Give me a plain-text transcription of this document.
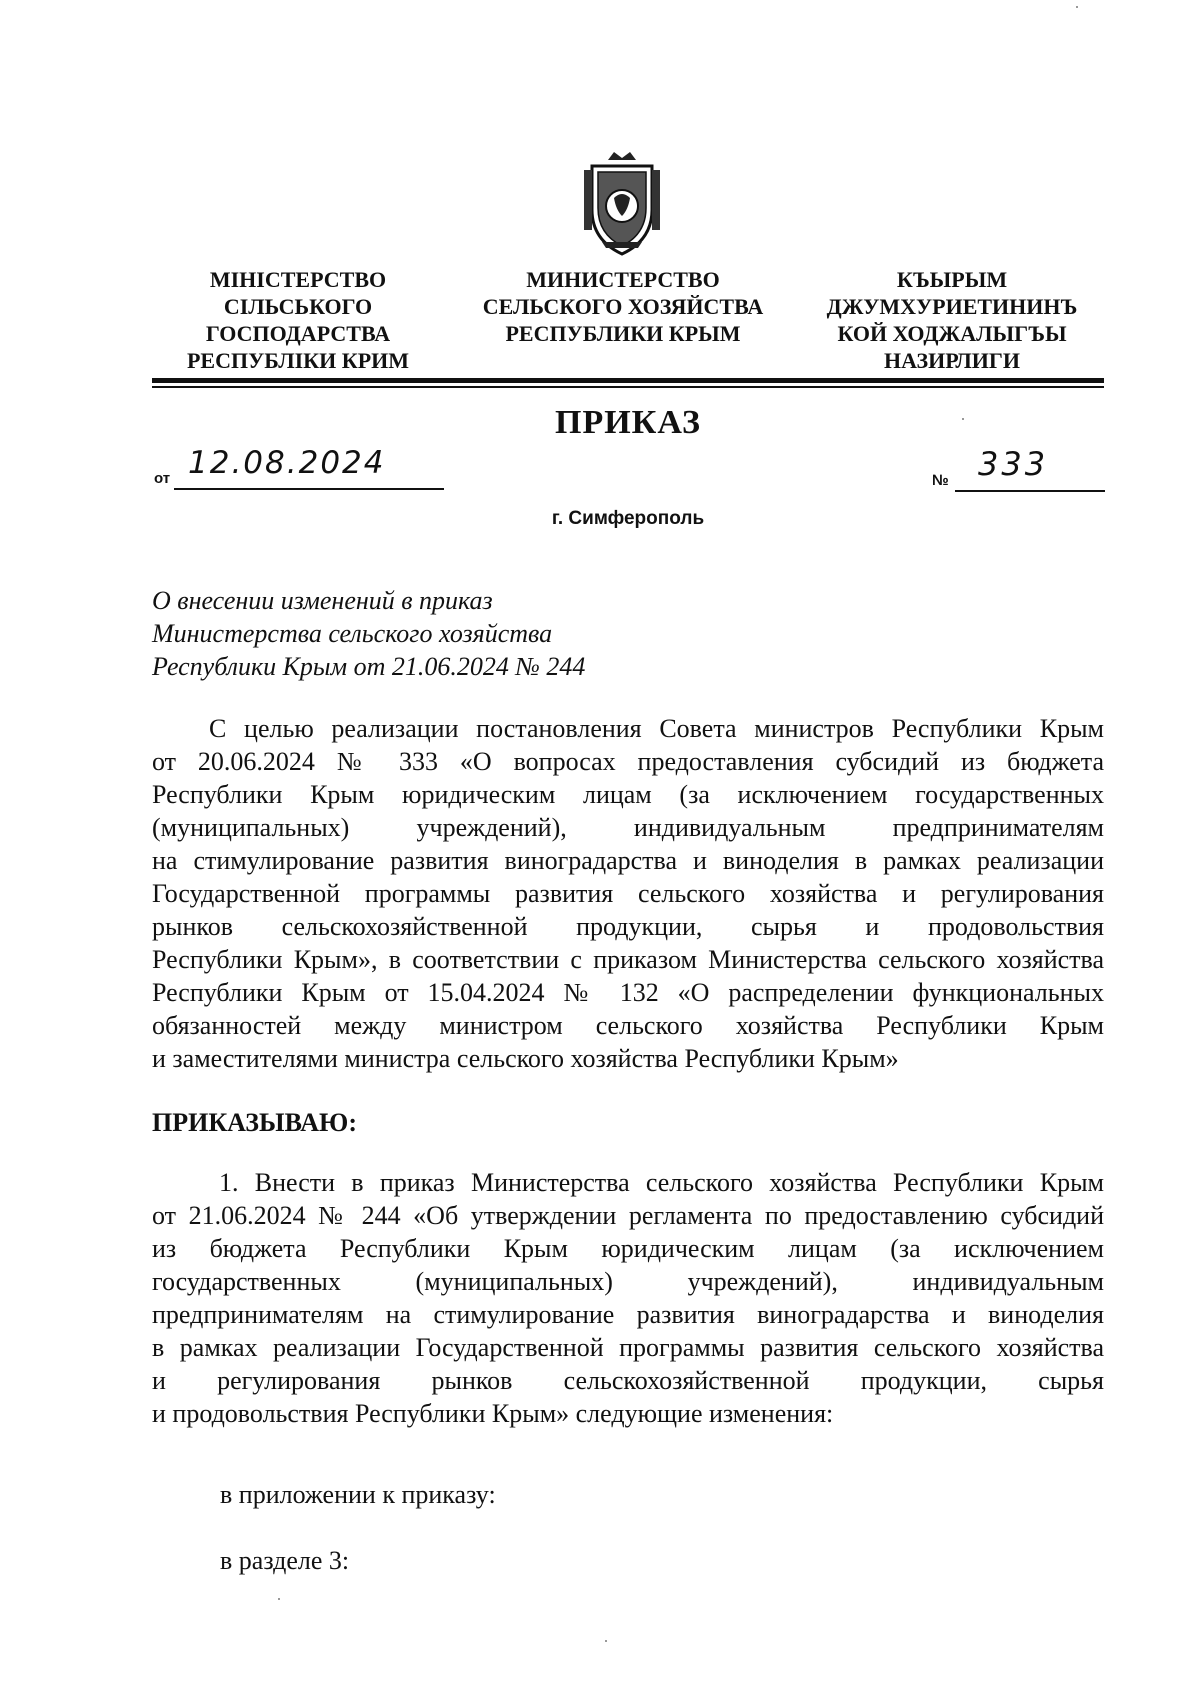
МІНІСТЕРСТВО
СІЛЬСЬКОГО
ГОСПОДАРСТВА
РЕСПУБЛІКИ КРИМ
МИНИСТЕРСТВО
СЕЛЬСКОГО ХОЗЯЙСТВА
РЕСПУБЛИКИ КРЫМ
КЪЫРЫМ
ДЖУМХУРИЕТИНИНЪ
КОЙ ХОДЖАЛЫГЪЫ
НАЗИРЛИГИ
ПРИКАЗ
от 12.08.2024	№ 333
г. Симферополь
О внесении изменений в приказ
Министерства сельского хозяйства
Республики Крым от 21.06.2024 № 244
С целью реализации постановления Совета министров Республики Крым
от 20.06.2024 № 333 «О вопросах предоставления субсидий из бюджета
Республики Крым юридическим лицам (за исключением государственных
(муниципальных) учреждений), индивидуальным предпринимателям
на стимулирование развития виноградарства и виноделия в рамках реализации
Государственной программы развития сельского хозяйства и регулирования
рынков сельскохозяйственной продукции, сырья и продовольствия
Республики Крым», в соответствии с приказом Министерства сельского хозяйства
Республики Крым от 15.04.2024 № 132 «О распределении функциональных
обязанностей между министром сельского хозяйства Республики Крым
и заместителями министра сельского хозяйства Республики Крым»
ПРИКАЗЫВАЮ:
1. Внести в приказ Министерства сельского хозяйства Республики Крым
от 21.06.2024 № 244 «Об утверждении регламента по предоставлению субсидий
из бюджета Республики Крым юридическим лицам (за исключением
государственных (муниципальных) учреждений), индивидуальным
предпринимателям на стимулирование развития виноградарства и виноделия
в рамках реализации Государственной программы развития сельского хозяйства
и регулирования рынков сельскохозяйственной продукции, сырья
и продовольствия Республики Крым» следующие изменения:
в приложении к приказу:
в разделе 3:
